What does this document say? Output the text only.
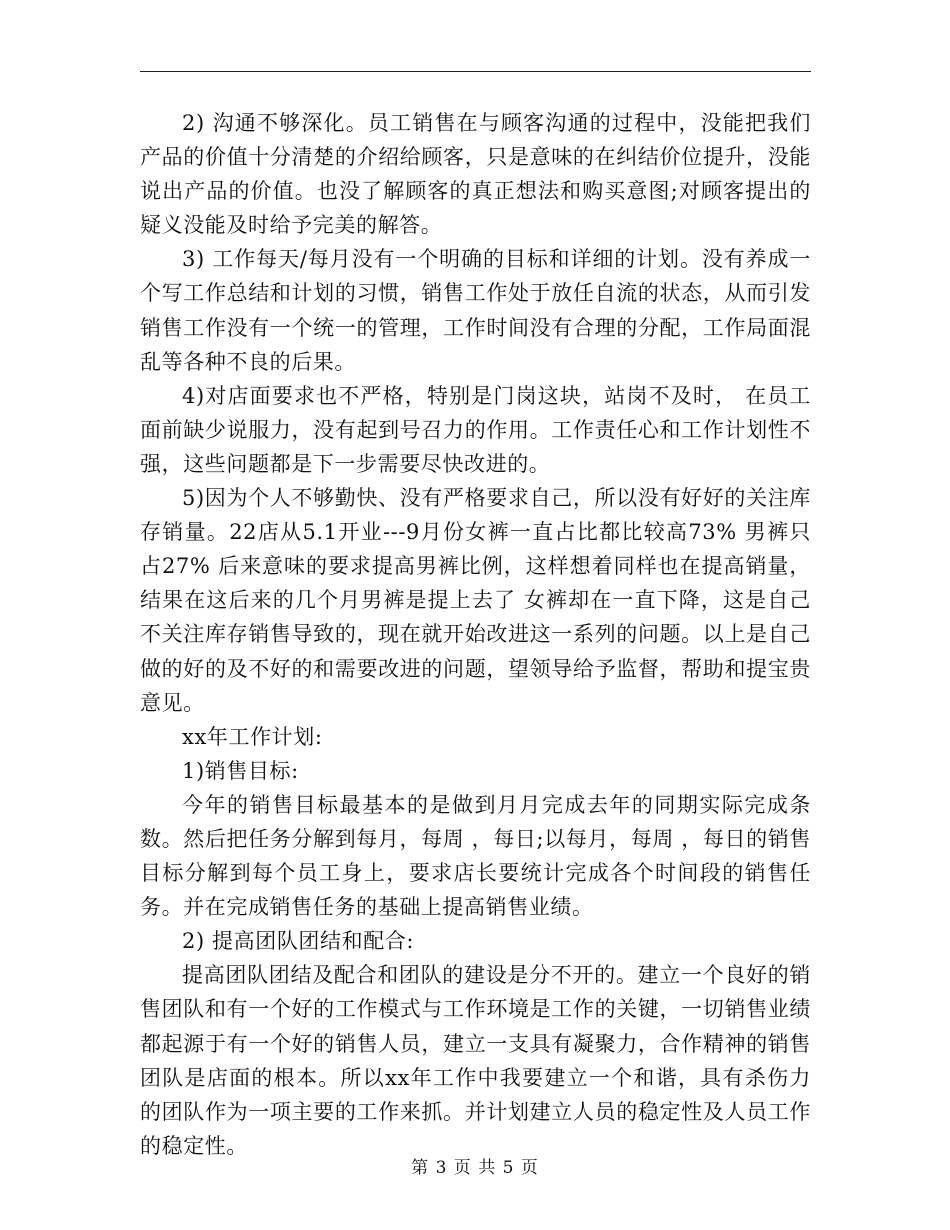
2) 沟通不够深化。员工销售在与顾客沟通的过程中，没能把我们产品的价值十分清楚的介绍给顾客，只是意味的在纠结价位提升，没能说出产品的价值。也没了解顾客的真正想法和购买意图;对顾客提出的疑义没能及时给予完美的解答。

3) 工作每天/每月没有一个明确的目标和详细的计划。没有养成一个写工作总结和计划的习惯，销售工作处于放任自流的状态，从而引发销售工作没有一个统一的管理，工作时间没有合理的分配，工作局面混乱等各种不良的后果。

4)对店面要求也不严格，特别是门岗这块，站岗不及时， 在员工面前缺少说服力，没有起到号召力的作用。工作责任心和工作计划性不强，这些问题都是下一步需要尽快改进的。

5)因为个人不够勤快、没有严格要求自己，所以没有好好的关注库存销量。22店从5.1开业---9月份女裤一直占比都比较高73% 男裤只占27% 后来意味的要求提高男裤比例，这样想着同样也在提高销量，结果在这后来的几个月男裤是提上去了 女裤却在一直下降，这是自己不关注库存销售导致的，现在就开始改进这一系列的问题。以上是自己做的好的及不好的和需要改进的问题，望领导给予监督，帮助和提宝贵意见。

xx年工作计划:

1)销售目标:

今年的销售目标最基本的是做到月月完成去年的同期实际完成条数。然后把任务分解到每月，每周 ，每日;以每月，每周 ，每日的销售目标分解到每个员工身上，要求店长要统计完成各个时间段的销售任务。并在完成销售任务的基础上提高销售业绩。

2) 提高团队团结和配合:

提高团队团结及配合和团队的建设是分不开的。建立一个良好的销售团队和有一个好的工作模式与工作环境是工作的关键，一切销售业绩都起源于有一个好的销售人员，建立一支具有凝聚力，合作精神的销售团队是店面的根本。所以xx年工作中我要建立一个和谐，具有杀伤力的团队作为一项主要的工作来抓。并计划建立人员的稳定性及人员工作的稳定性。

第 3 页 共 5 页
